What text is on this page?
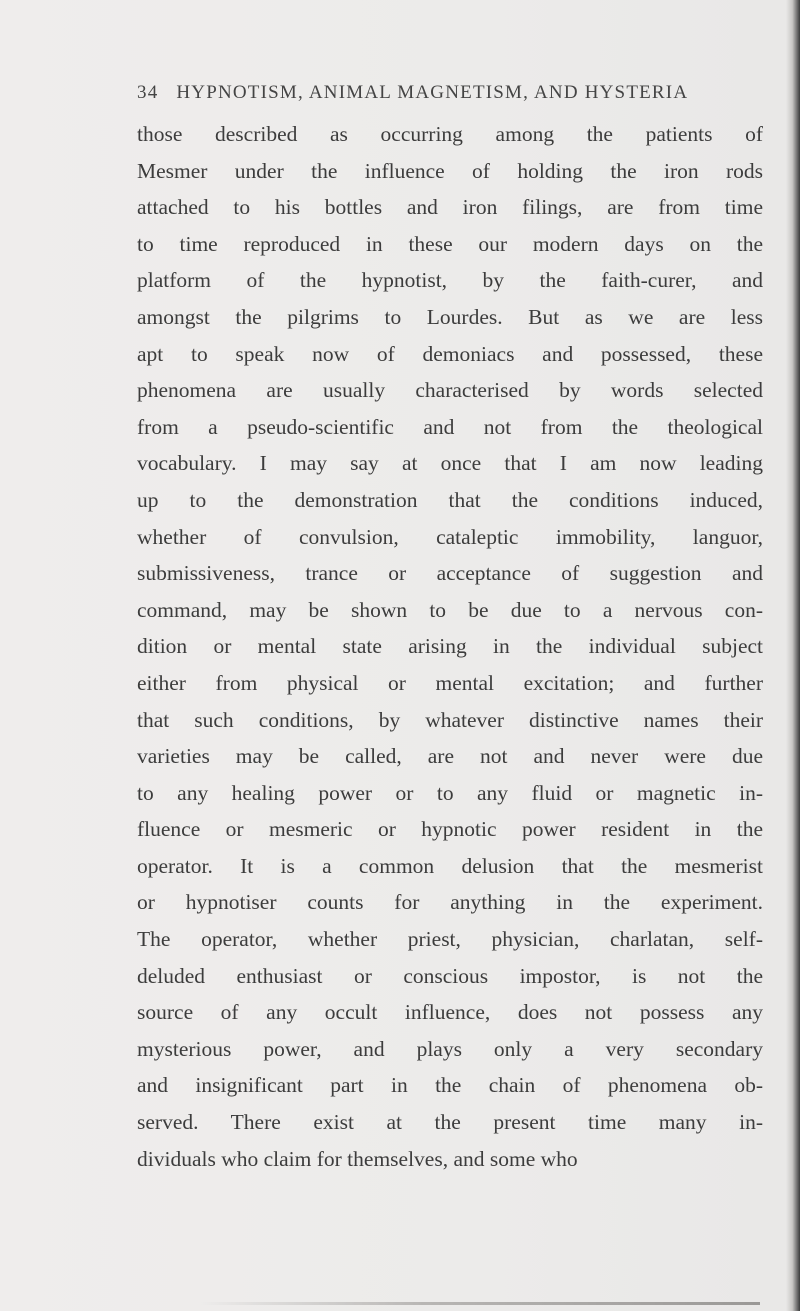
34 HYPNOTISM, ANIMAL MAGNETISM, AND HYSTERIA
those described as occurring among the patients of
Mesmer under the influence of holding the iron rods
attached to his bottles and iron filings, are from time
to time reproduced in these our modern days on the
platform of the hypnotist, by the faith-curer, and
amongst the pilgrims to Lourdes. But as we are less
apt to speak now of demoniacs and possessed, these
phenomena are usually characterised by words selected
from a pseudo-scientific and not from the theological
vocabulary. I may say at once that I am now leading
up to the demonstration that the conditions induced,
whether of convulsion, cataleptic immobility, languor,
submissiveness, trance or acceptance of suggestion and
command, may be shown to be due to a nervous con-
dition or mental state arising in the individual subject
either from physical or mental excitation; and further
that such conditions, by whatever distinctive names their
varieties may be called, are not and never were due
to any healing power or to any fluid or magnetic in-
fluence or mesmeric or hypnotic power resident in the
operator. It is a common delusion that the mesmerist
or hypnotiser counts for anything in the experiment.
The operator, whether priest, physician, charlatan, self-
deluded enthusiast or conscious impostor, is not the
source of any occult influence, does not possess any
mysterious power, and plays only a very secondary
and insignificant part in the chain of phenomena ob-
served. There exist at the present time many in-
dividuals who claim for themselves, and some who
